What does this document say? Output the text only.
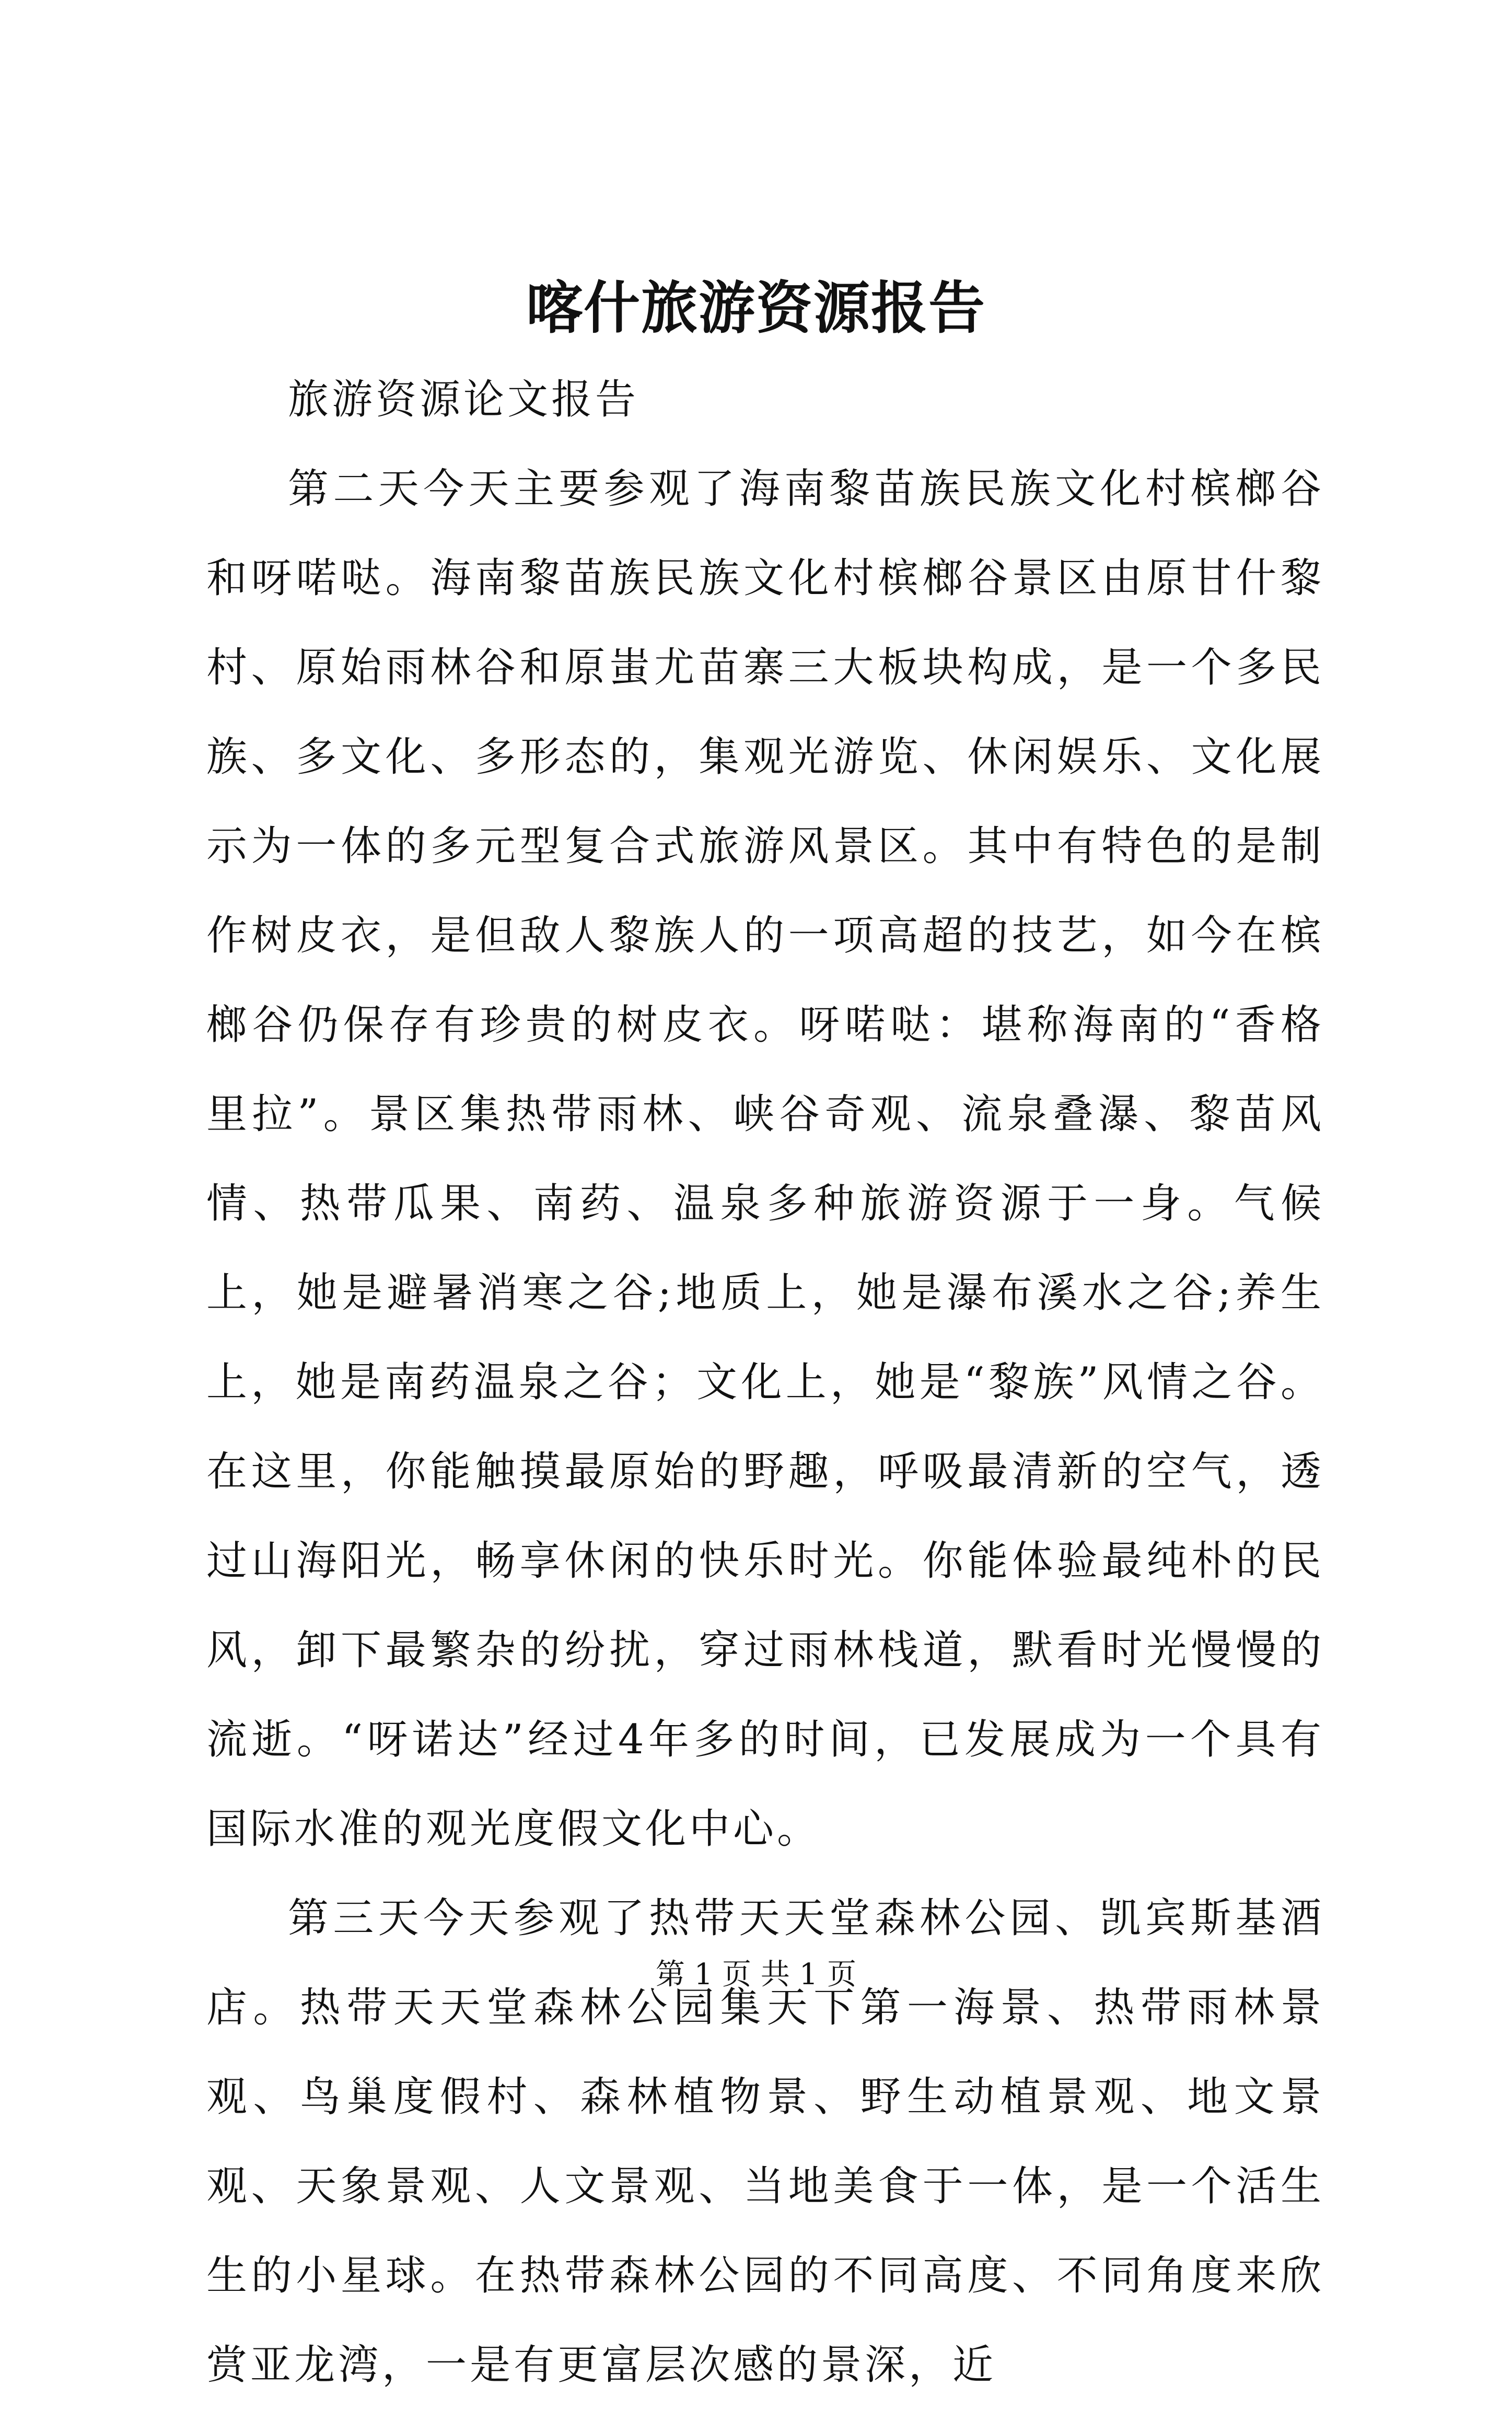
喀什旅游资源报告

旅游资源论文报告

第二天今天主要参观了海南黎苗族民族文化村槟榔谷和呀喏哒。海南黎苗族民族文化村槟榔谷景区由原甘什黎村、原始雨林谷和原蚩尤苗寨三大板块构成，是一个多民族、多文化、多形态的，集观光游览、休闲娱乐、文化展示为一体的多元型复合式旅游风景区。其中有特色的是制作树皮衣，是但敌人黎族人的一项高超的技艺，如今在槟榔谷仍保存有珍贵的树皮衣。呀喏哒：堪称海南的“香格里拉”。景区集热带雨林、峡谷奇观、流泉叠瀑、黎苗风情、热带瓜果、南药、温泉多种旅游资源于一身。气候上，她是避暑消寒之谷;地质上，她是瀑布溪水之谷;养生上，她是南药温泉之谷；文化上，她是“黎族”风情之谷。在这里，你能触摸最原始的野趣，呼吸最清新的空气，透过山海阳光，畅享休闲的快乐时光。你能体验最纯朴的民风，卸下最繁杂的纷扰，穿过雨林栈道，默看时光慢慢的流逝。“呀诺达”经过4年多的时间，已发展成为一个具有国际水准的观光度假文化中心。

第三天今天参观了热带天天堂森林公园、凯宾斯基酒店。热带天天堂森林公园集天下第一海景、热带雨林景观、鸟巢度假村、森林植物景、野生动植景观、地文景观、天象景观、人文景观、当地美食于一体，是一个活生生的小星球。在热带森林公园的不同高度、不同角度来欣赏亚龙湾，一是有更富层次感的景深，近

第 1 页 共 1 页
